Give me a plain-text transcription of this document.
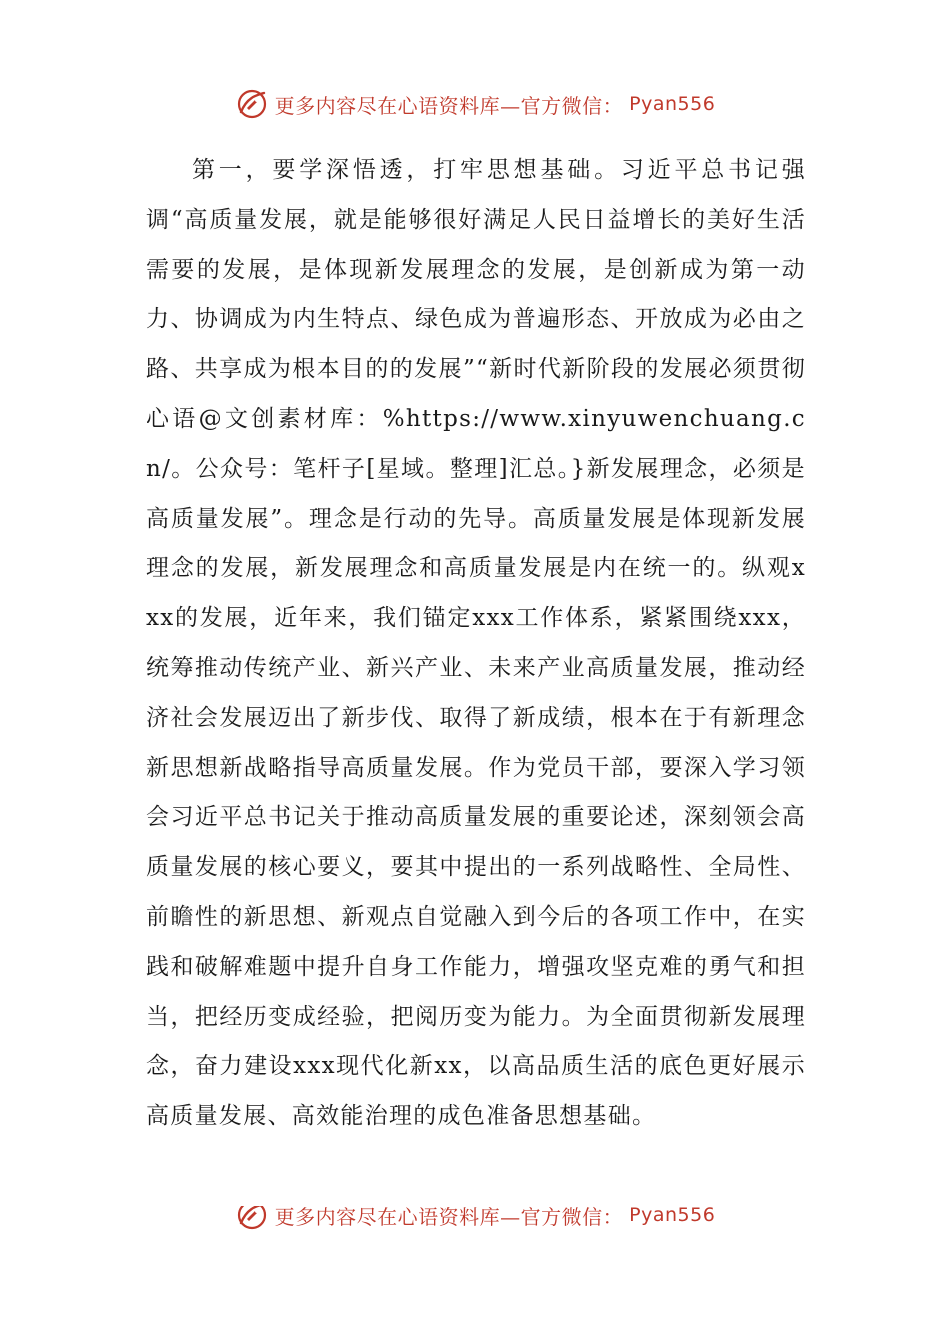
更多内容尽在心语资料库—官方微信： Pyan556

第一，要学深悟透，打牢思想基础。习近平总书记强调“高质量发展，就是能够很好满足人民日益增长的美好生活需要的发展，是体现新发展理念的发展，是创新成为第一动力、协调成为内生特点、绿色成为普遍形态、开放成为必由之路、共享成为根本目的的发展”“新时代新阶段的发展必须贯彻心语@文创素材库：%https://www.xinyuwenchuang.cn/。公众号：笔杆子[星域。整理]汇总。}新发展理念，必须是高质量发展”。理念是行动的先导。高质量发展是体现新发展理念的发展，新发展理念和高质量发展是内在统一的。纵观xxx的发展，近年来，我们锚定xxx工作体系，紧紧围绕xxx，统筹推动传统产业、新兴产业、未来产业高质量发展，推动经济社会发展迈出了新步伐、取得了新成绩，根本在于有新理念新思想新战略指导高质量发展。作为党员干部，要深入学习领会习近平总书记关于推动高质量发展的重要论述，深刻领会高质量发展的核心要义，要其中提出的一系列战略性、全局性、前瞻性的新思想、新观点自觉融入到今后的各项工作中，在实践和破解难题中提升自身工作能力，增强攻坚克难的勇气和担当，把经历变成经验，把阅历变为能力。为全面贯彻新发展理念，奋力建设xxx现代化新xx，以高品质生活的底色更好展示高质量发展、高效能治理的成色准备思想基础。

更多内容尽在心语资料库—官方微信： Pyan556
